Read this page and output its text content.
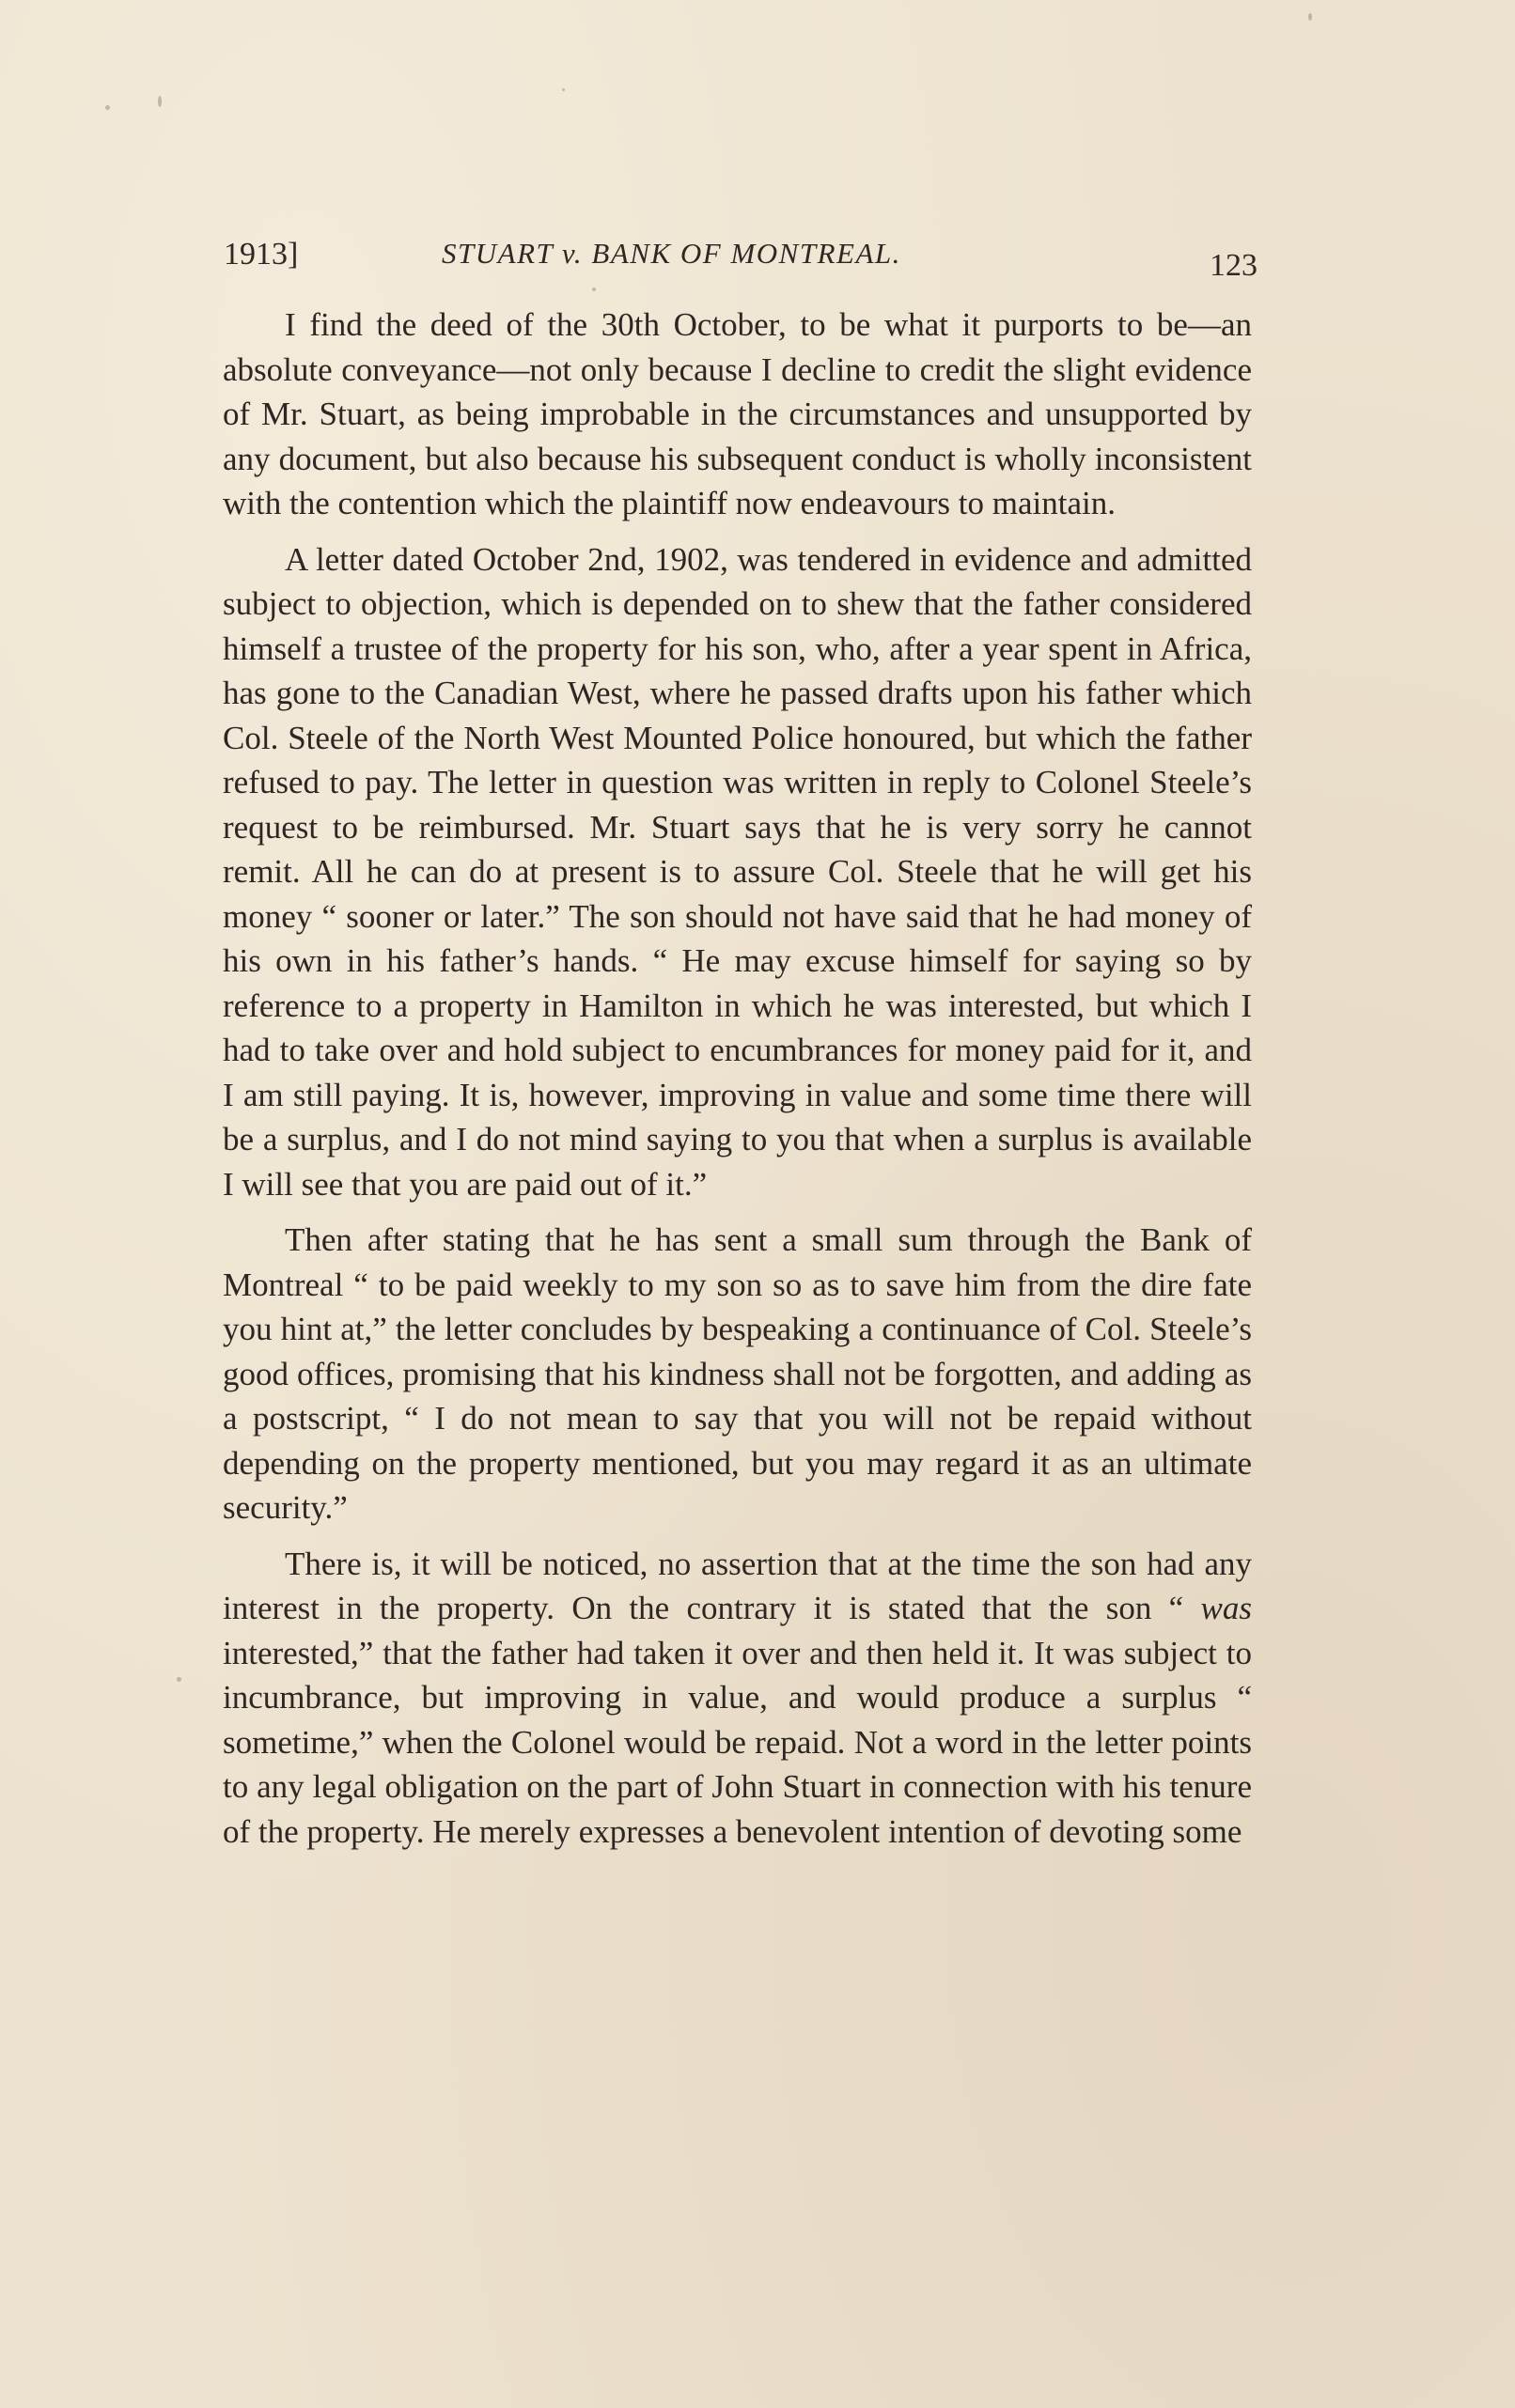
1913]	STUART v. BANK OF MONTREAL.	123

I find the deed of the 30th October, to be what it purports to be—an absolute conveyance—not only because I decline to credit the slight evidence of Mr. Stuart, as being improbable in the circumstances and unsupported by any document, but also because his subsequent conduct is wholly inconsistent with the contention which the plaintiff now endeavours to maintain.

A letter dated October 2nd, 1902, was tendered in evidence and admitted subject to objection, which is depended on to shew that the father considered himself a trustee of the property for his son, who, after a year spent in Africa, has gone to the Canadian West, where he passed drafts upon his father which Col. Steele of the North West Mounted Police honoured, but which the father refused to pay. The letter in question was written in reply to Colonel Steele’s request to be reimbursed. Mr. Stuart says that he is very sorry he cannot remit. All he can do at present is to assure Col. Steele that he will get his money “ sooner or later.” The son should not have said that he had money of his own in his father’s hands. “ He may excuse himself for saying so by reference to a property in Hamilton in which he was interested, but which I had to take over and hold subject to encumbrances for money paid for it, and I am still paying. It is, however, improving in value and some time there will be a surplus, and I do not mind saying to you that when a surplus is available I will see that you are paid out of it.”

Then after stating that he has sent a small sum through the Bank of Montreal “ to be paid weekly to my son so as to save him from the dire fate you hint at,” the letter concludes by bespeaking a continuance of Col. Steele’s good offices, promising that his kindness shall not be forgotten, and adding as a postscript, “ I do not mean to say that you will not be repaid without depending on the property mentioned, but you may regard it as an ultimate security.”

There is, it will be noticed, no assertion that at the time the son had any interest in the property. On the contrary it is stated that the son “ was interested,” that the father had taken it over and then held it. It was subject to incumbrance, but improving in value, and would produce a surplus “ sometime,” when the Colonel would be repaid. Not a word in the letter points to any legal obligation on the part of John Stuart in connection with his tenure of the property. He merely expresses a benevolent intention of devoting some
